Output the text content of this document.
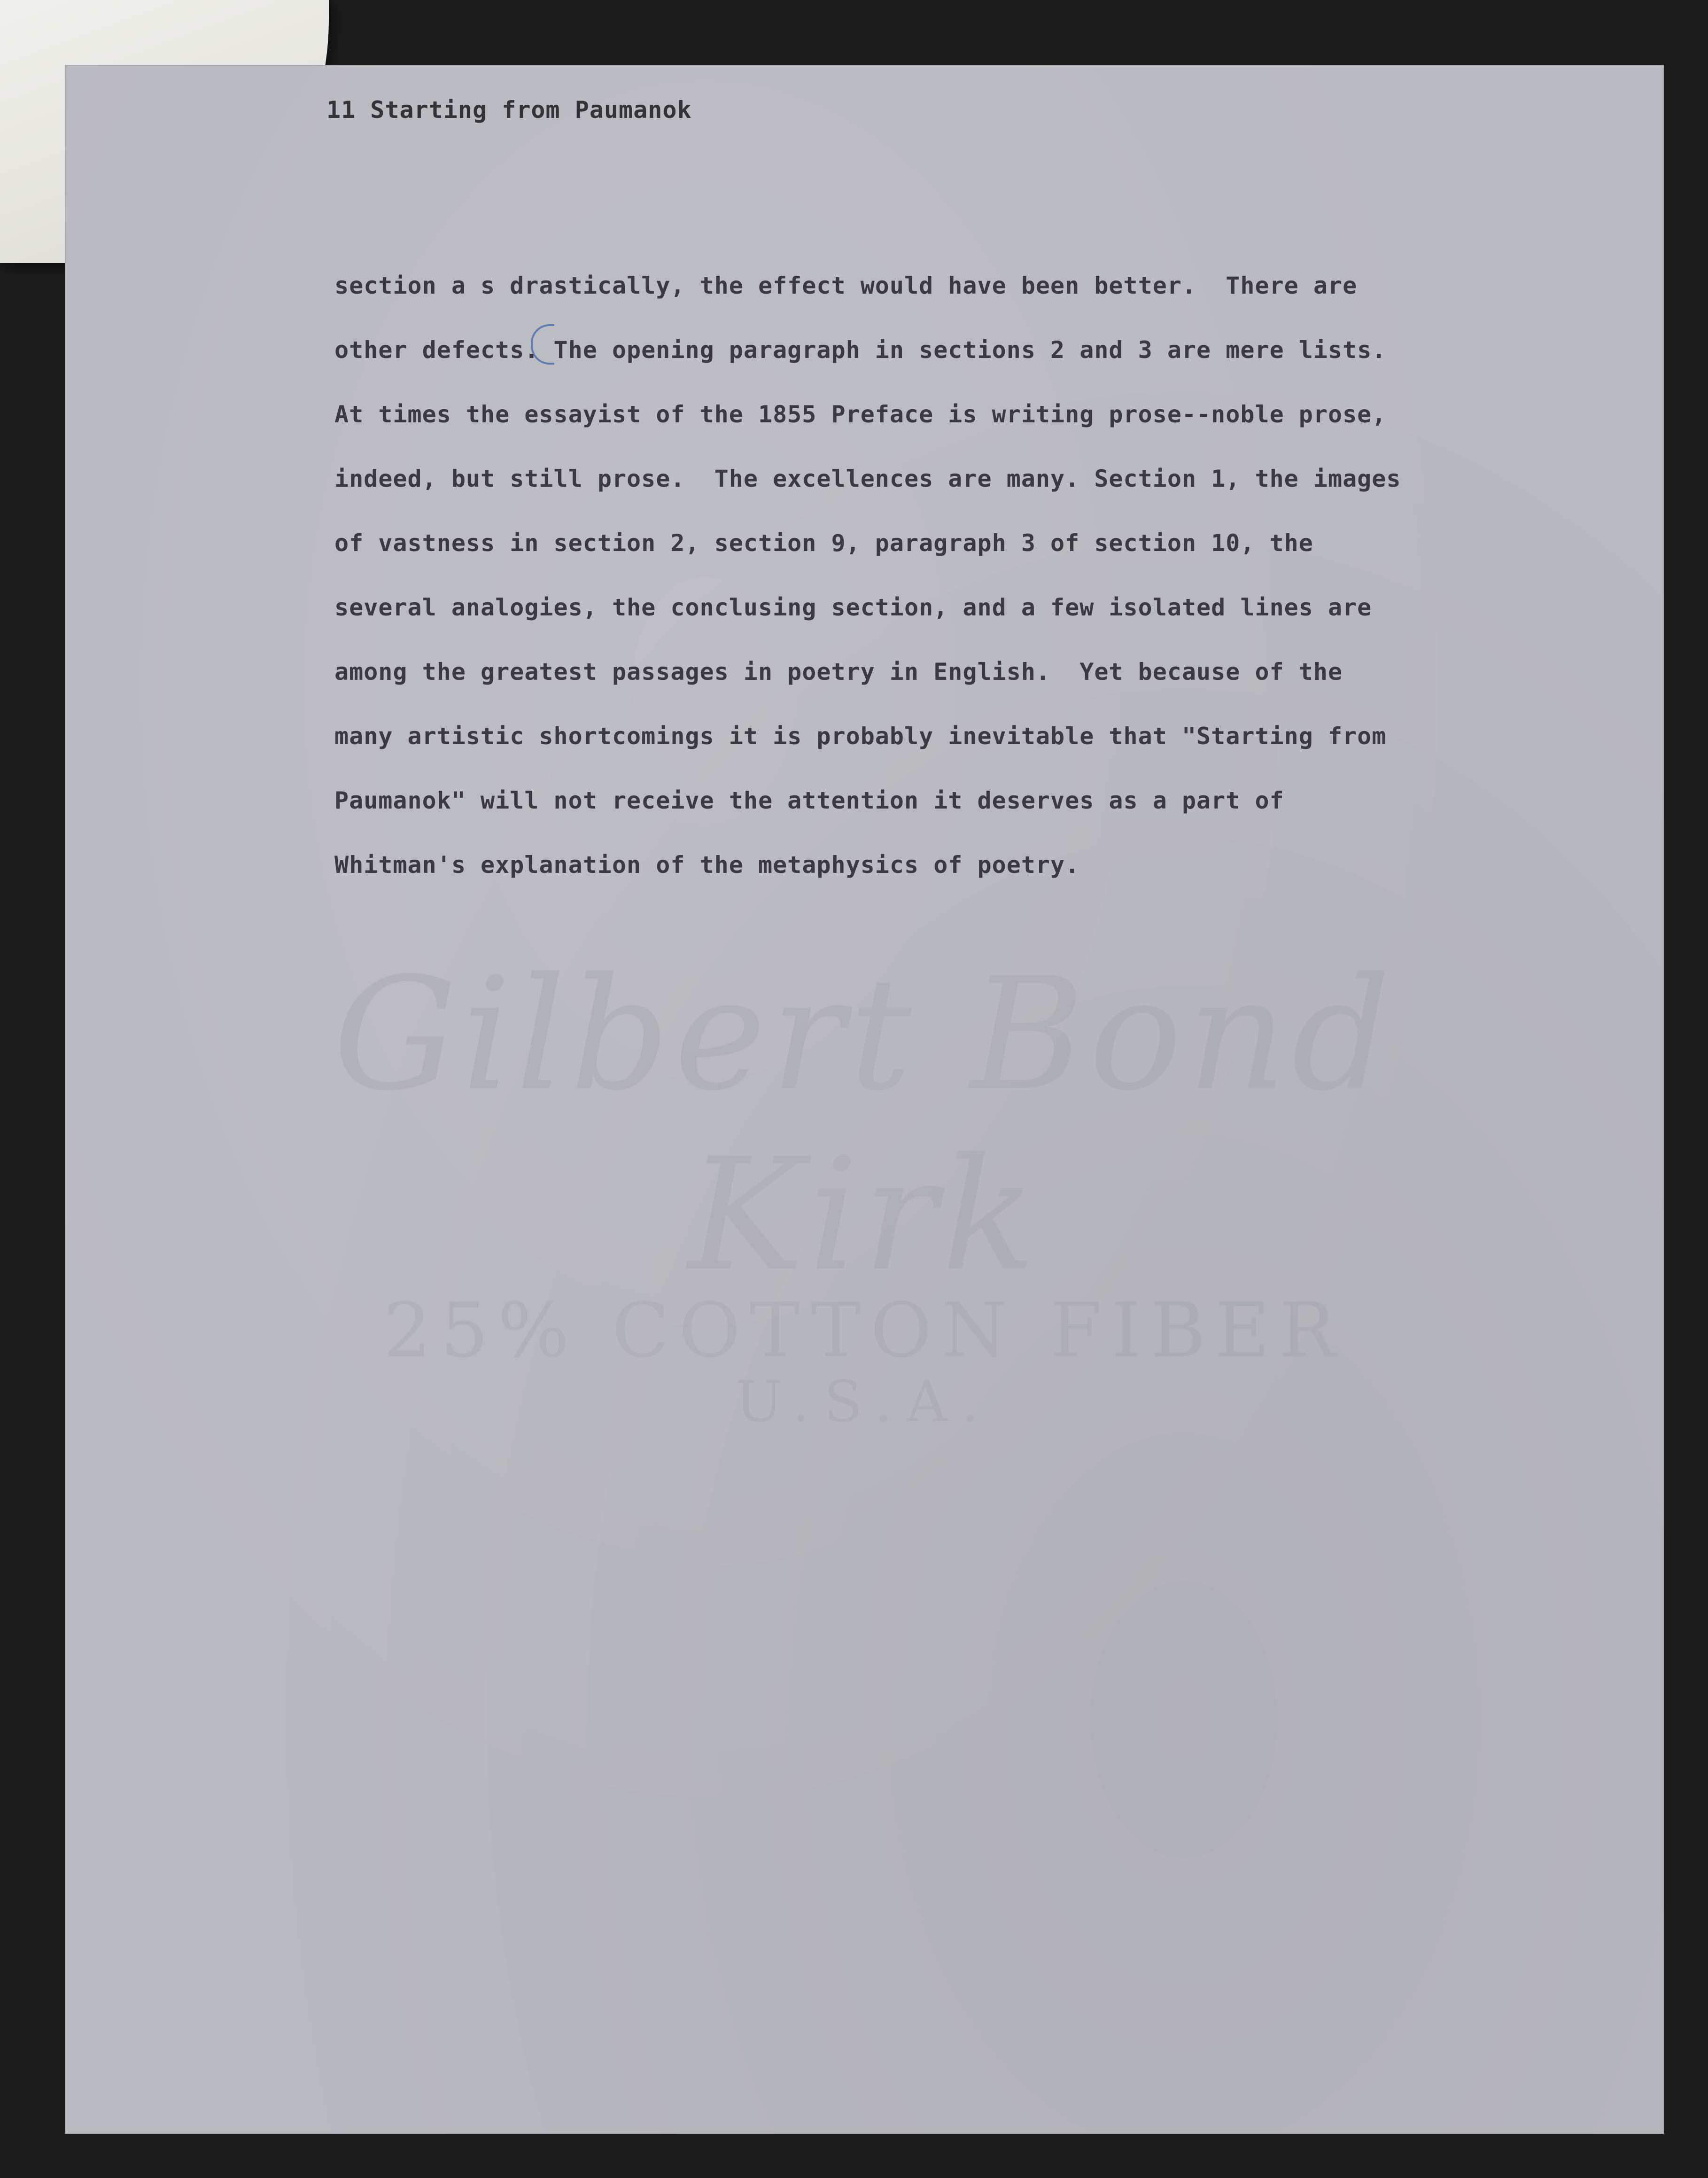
Gilbert Bond Kirk
25% COTTON FIBER
U.S.A.
11 Starting from Paumanok
section a s drastically, the effect would have been better.  There are
other defects. The opening paragraph in sections 2 and 3 are mere lists.
At times the essayist of the 1855 Preface is writing prose--noble prose,
indeed, but still prose.  The excellences are many. Section 1, the images
of vastness in section 2, section 9, paragraph 3 of section 10, the
several analogies, the conclusing section, and a few isolated lines are
among the greatest passages in poetry in English.  Yet because of the
many artistic shortcomings it is probably inevitable that "Starting from
Paumanok" will not receive the attention it deserves as a part of
Whitman's explanation of the metaphysics of poetry.
